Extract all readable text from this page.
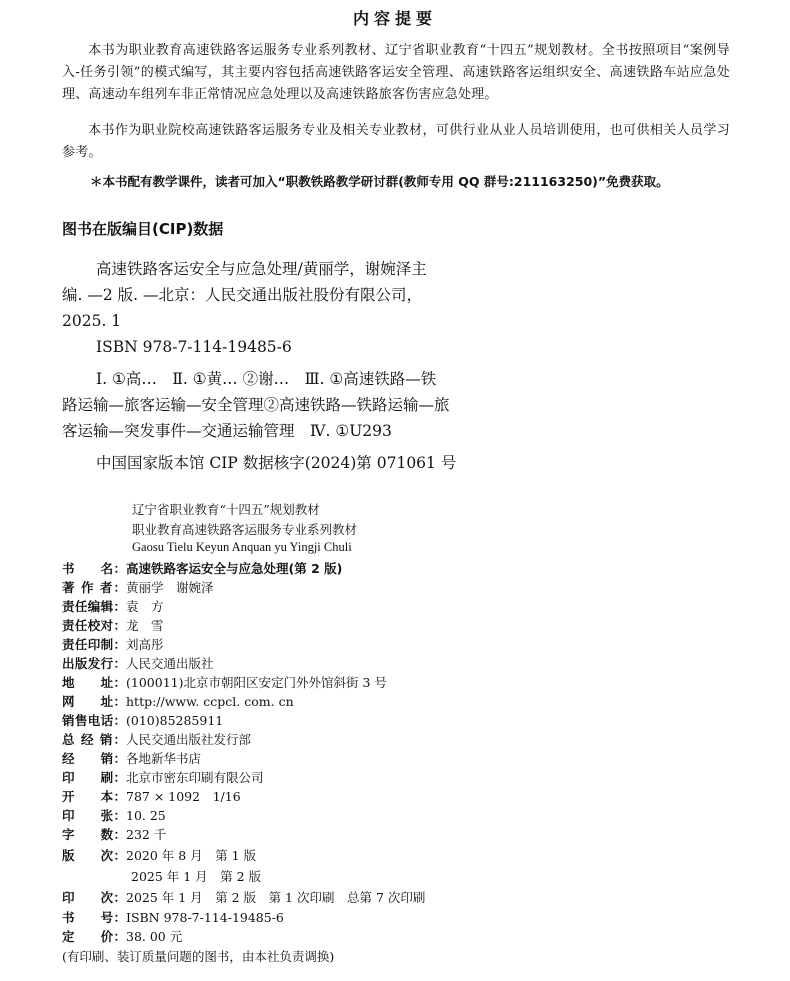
内容提要
本书为职业教育高速铁路客运服务专业系列教材、辽宁省职业教育“十四五”规划教材。全书按照项目“案例导入-任务引领”的模式编写，其主要内容包括高速铁路客运安全管理、高速铁路客运组织安全、高速铁路车站应急处理、高速动车组列车非正常情况应急处理以及高速铁路旅客伤害应急处理。
本书作为职业院校高速铁路客运服务专业及相关专业教材，可供行业从业人员培训使用，也可供相关人员学习参考。
＊本书配有教学课件，读者可加入“职教铁路教学研讨群(教师专用 QQ 群号:211163250)”免费获取。
图书在版编目(CIP)数据
高速铁路客运安全与应急处理/黄丽学，谢婉泽主
编. —2 版. —北京：人民交通出版社股份有限公司，
2025. 1
ISBN 978-7-114-19485-6
Ⅰ. ①高…　Ⅱ. ①黄… ②谢…　Ⅲ. ①高速铁路—铁
路运输—旅客运输—安全管理②高速铁路—铁路运输—旅
客运输—突发事件—交通运输管理　Ⅳ. ①U293
中国国家版本馆 CIP 数据核字(2024)第 071061 号
辽宁省职业教育“十四五”规划教材
职业教育高速铁路客运服务专业系列教材
Gaosu Tielu Keyun Anquan yu Yingji Chuli
书　　名：高速铁路客运安全与应急处理(第 2 版)
著 作 者：黄丽学　谢婉泽
责任编辑：袁　方
责任校对：龙　雪
责任印制：刘高彤
出版发行：人民交通出版社
地　　址：(100011)北京市朝阳区安定门外外馆斜街 3 号
网　　址：http://www. ccpcl. com. cn
销售电话：(010)85285911
总 经 销：人民交通出版社发行部
经　　销：各地新华书店
印　　刷：北京市密东印刷有限公司
开　　本：787 × 1092　1/16
印　　张：10. 25
字　　数：232 千
版　　次：2020 年 8 月　第 1 版
2025 年 1 月　第 2 版
印　　次：2025 年 1 月　第 2 版　第 1 次印刷　总第 7 次印刷
书　　号：ISBN 978-7-114-19485-6
定　　价：38. 00 元
(有印刷、装订质量问题的图书，由本社负责调换)
